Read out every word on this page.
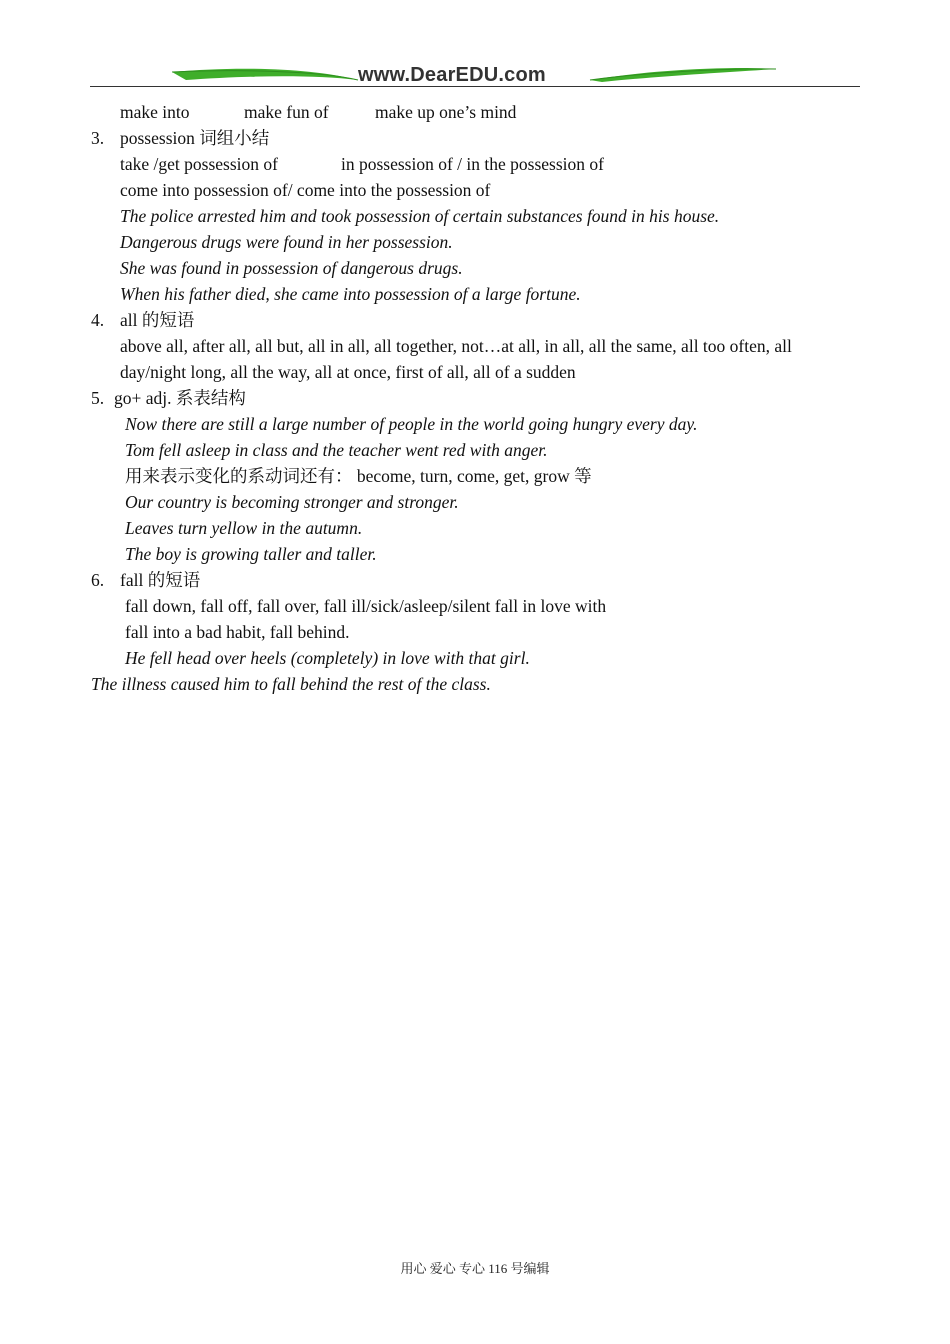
www.DearEDU.com
make into	make fun of	make up one’s mind
3. possession 词组小结
take /get possession of	in possession of / in the possession of
come into possession of/ come into the possession of
The police arrested him and took possession of certain substances found in his house.
Dangerous drugs were found in her possession.
She was found in possession of dangerous drugs.
When his father died, she came into possession of a large fortune.
4. all 的短语
above all, after all, all but, all in all, all together, not…at all, in all, all the same, all too often, all
day/night long, all the way, all at once, first of all, all of a sudden
5. go+ adj. 系表结构
Now there are still a large number of people in the world going hungry every day.
Tom fell asleep in class and the teacher went red with anger.
用来表示变化的系动词还有： become, turn, come, get, grow 等
Our country is becoming stronger and stronger.
Leaves turn yellow in the autumn.
The boy is growing taller and taller.
6. fall 的短语
fall down, fall off, fall over, fall ill/sick/asleep/silent fall in love with
fall into a bad habit, fall behind.
He fell head over heels (completely) in love with that girl.
The illness caused him to fall behind the rest of the class.
用心 爱心 专心 116 号编辑
